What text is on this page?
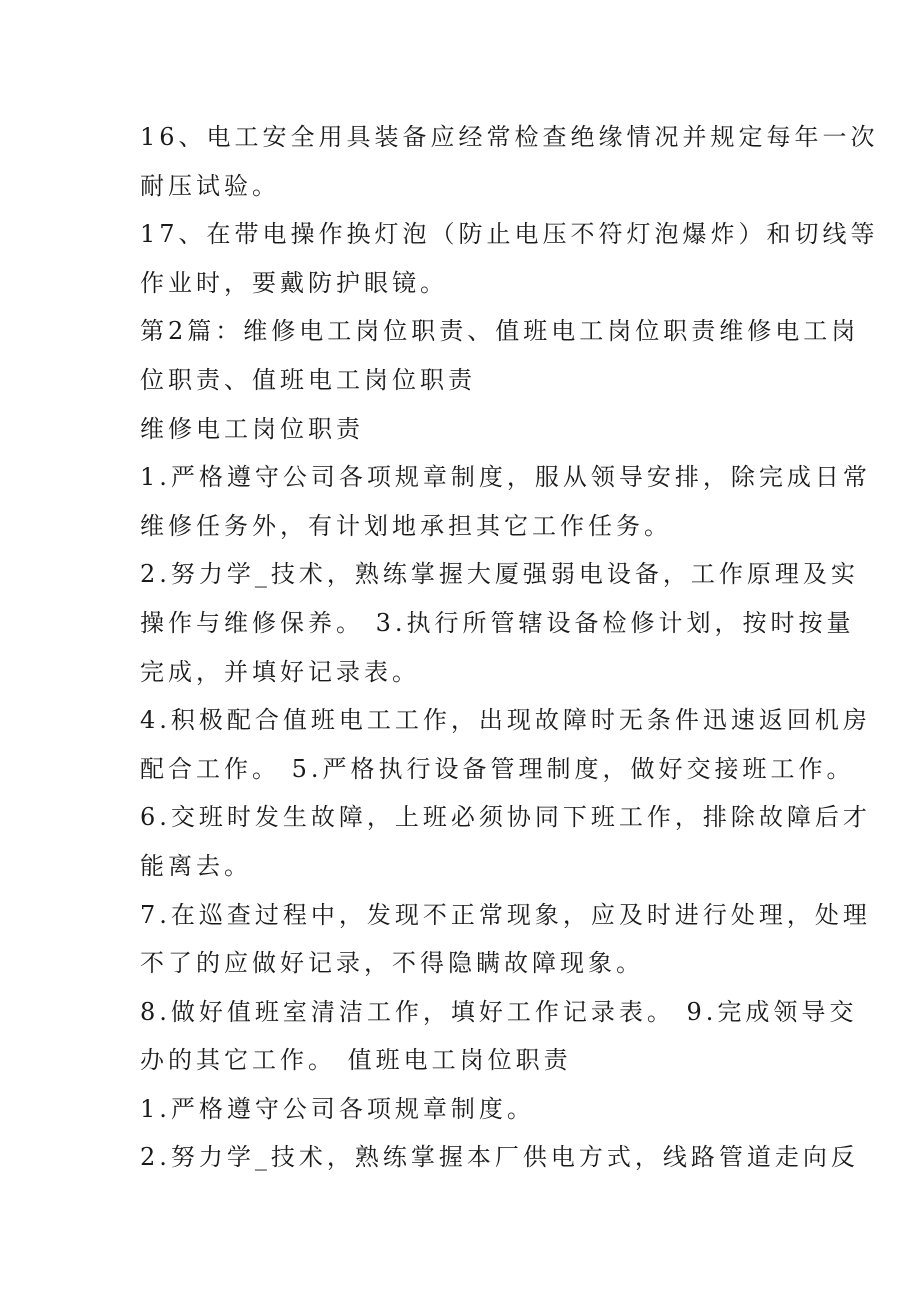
16、电工安全用具装备应经常检查绝缘情况并规定每年一次
耐压试验。
17、在带电操作换灯泡（防止电压不符灯泡爆炸）和切线等
作业时，要戴防护眼镜。
第2篇：维修电工岗位职责、值班电工岗位职责维修电工岗
位职责、值班电工岗位职责
维修电工岗位职责
1.严格遵守公司各项规章制度，服从领导安排，除完成日常
维修任务外，有计划地承担其它工作任务。
2.努力学_技术，熟练掌握大厦强弱电设备，工作原理及实
操作与维修保养。 3.执行所管辖设备检修计划，按时按量
完成，并填好记录表。
4.积极配合值班电工工作，出现故障时无条件迅速返回机房
配合工作。 5.严格执行设备管理制度，做好交接班工作。
6.交班时发生故障，上班必须协同下班工作，排除故障后才
能离去。
7.在巡查过程中，发现不正常现象，应及时进行处理，处理
不了的应做好记录，不得隐瞒故障现象。
8.做好值班室清洁工作，填好工作记录表。 9.完成领导交
办的其它工作。 值班电工岗位职责
1.严格遵守公司各项规章制度。
2.努力学_技术，熟练掌握本厂供电方式，线路管道走向反
